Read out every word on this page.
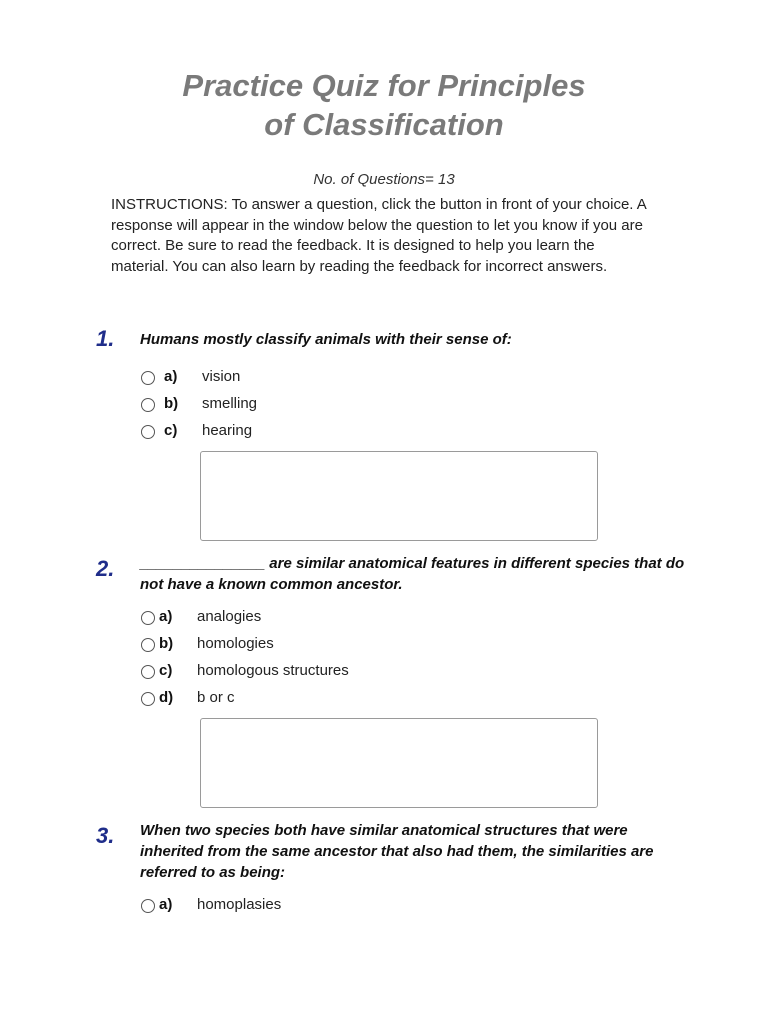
Practice Quiz for Principles
of Classification
No. of Questions= 13
INSTRUCTIONS: To answer a question, click the button in front of your choice. A response will appear in the window below the question to let you know if you are correct. Be sure to read the feedback. It is designed to help you learn the material. You can also learn by reading the feedback for incorrect answers.
1. Humans mostly classify animals with their sense of:
a) vision
b) smelling
c) hearing
2. _______________ are similar anatomical features in different species that do not have a known common ancestor.
a) analogies
b) homologies
c) homologous structures
d) b or c
3. When two species both have similar anatomical structures that were inherited from the same ancestor that also had them, the similarities are referred to as being:
a) homoplasies
